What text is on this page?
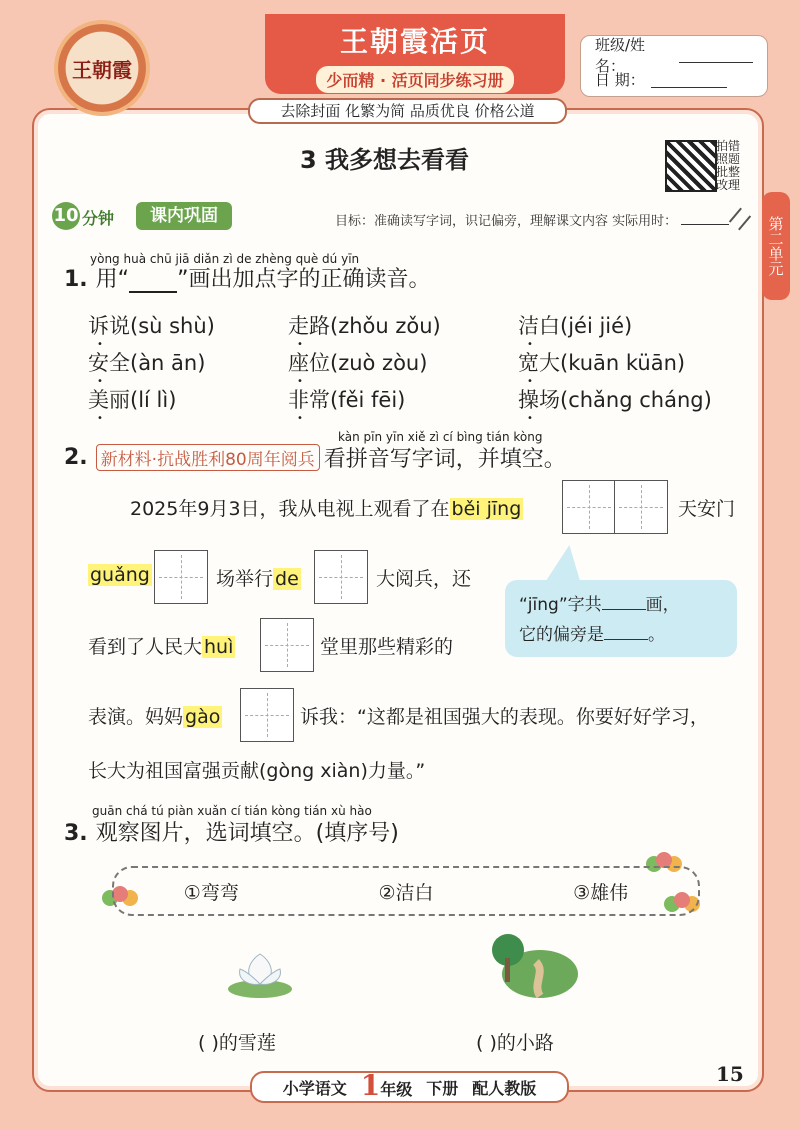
王朝霞
王朝霞活页
少而精 · 活页同步练习册
去除封面 化繁为简 品质优良 价格公道
班级/姓名：
日 期：
3 我多想去看看	拍错照题批整改理
第二单元
10 分钟	课内巩固	目标：准确读写字词，识记偏旁，理解课文内容 实际用时：
yòng huà chū jiā diǎn zì de zhèng què dú yīn
1. 用“ ”画出加点字的正确读音。
诉说(sù shù) •	走路(zhǒu zǒu) •	洁白(jéi jié) •
安全(àn ān) •	座位(zuò zòu) •	宽大(kuān küān) •
美丽(lí lì) •	非常(fěi fēi) •	操场(chǎng cháng) •
kàn pīn yīn xiě zì cí bìng tián kòng
2. 新材料·抗战胜利80周年阅兵 看拼音写字词，并填空。
2025年9月3日，我从电视上观看了在 běi jīng	天安门
guǎng	场举行 de	大阅兵，还
“jīng”字共	画，
它的偏旁是	。
看到了人民大 huì	堂里那些精彩的
表演。妈妈 gào	诉我：“这都是祖国强大的表现。你要好好学习，
长大为祖国富强贡献(gòng xiàn)力量。”
guān chá tú piàn xuǎn cí tián kòng tián xù hào
3. 观察图片，选词填空。(填序号)
①弯弯	②洁白	③雄伟
( )的雪莲	( )的小路
小学语文 1年级 下册 配人教版
15
